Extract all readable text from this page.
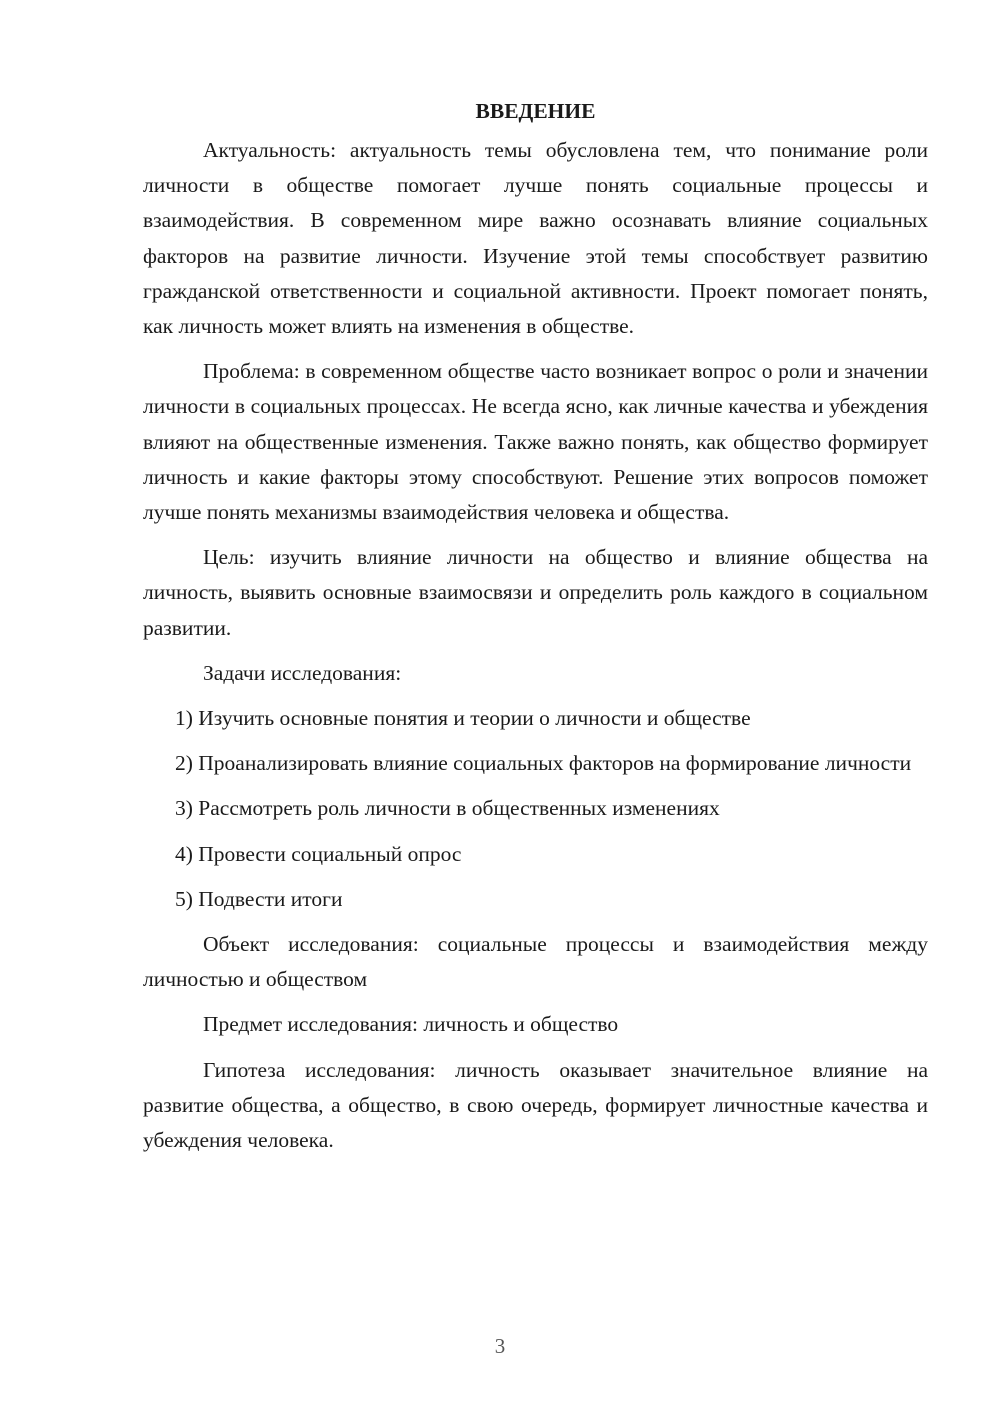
ВВЕДЕНИЕ

Актуальность: актуальность темы обусловлена тем, что понимание роли личности в обществе помогает лучше понять социальные процессы и взаимодействия. В современном мире важно осознавать влияние социальных факторов на развитие личности. Изучение этой темы способствует развитию гражданской ответственности и социальной активности. Проект помогает понять, как личность может влиять на изменения в обществе.

Проблема: в современном обществе часто возникает вопрос о роли и значении личности в социальных процессах. Не всегда ясно, как личные качества и убеждения влияют на общественные изменения. Также важно понять, как общество формирует личность и какие факторы этому способствуют. Решение этих вопросов поможет лучше понять механизмы взаимодействия человека и общества.

Цель: изучить влияние личности на общество и влияние общества на личность, выявить основные взаимосвязи и определить роль каждого в социальном развитии.

Задачи исследования:

1) Изучить основные понятия и теории о личности и обществе

2) Проанализировать влияние социальных факторов на формирование личности

3) Рассмотреть роль личности в общественных изменениях

4) Провести социальный опрос

5) Подвести итоги

Объект исследования: социальные процессы и взаимодействия между личностью и обществом

Предмет исследования: личность и общество

Гипотеза исследования: личность оказывает значительное влияние на развитие общества, а общество, в свою очередь, формирует личностные качества и убеждения человека.

3
